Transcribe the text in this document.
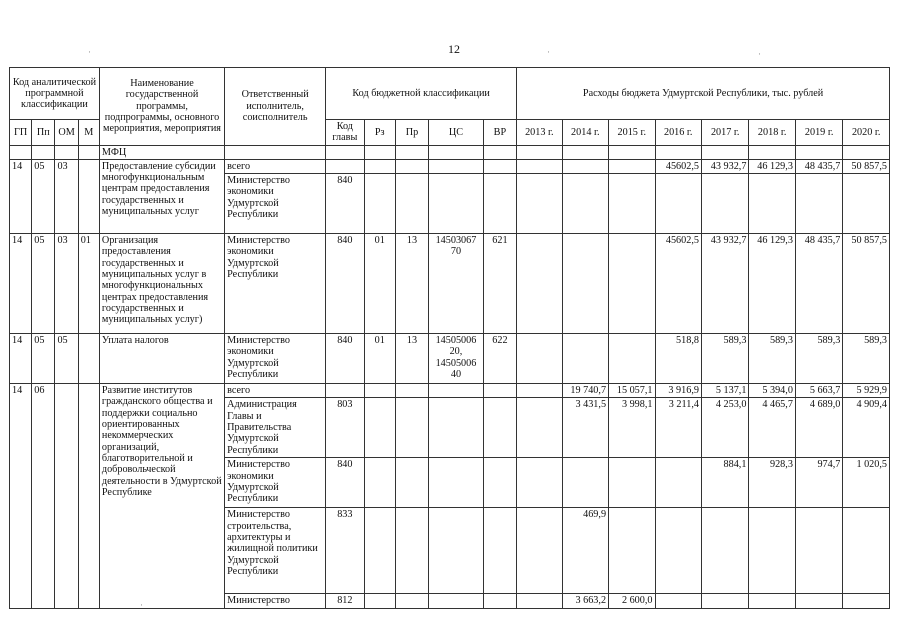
12
·	·	·
·
Код аналитической программной классификации				Наименование государственной программы, подпрограммы, основного мероприятия, мероприятия	Ответственный исполнитель, соисполнитель	Код бюджетной классификации					Расходы бюджета Удмуртской Республики, тыс. рублей							
ГП	Пп	ОМ	М			Код главы	Рз	Пр	ЦС	ВР	2013 г.	2014 г.	2015 г.	2016 г.	2017 г.	2018 г.	2019 г.	2020 г.
				МФЦ														
14	05	03		Предоставление субсидии многофункциональным центрам предоставления государственных и муниципальных услуг	всего									45602,5	43 932,7	46 129,3	48 435,7	50 857,5
					Министерство экономики Удмуртской Республики	840												
14	05	03	01	Организация предоставления государственных и муниципальных услуг в многофункциональных центрах предоставления государственных и муниципальных услуг)	Министерство экономики Удмуртской Республики	840	01	13	14503067 70	621				45602,5	43 932,7	46 129,3	48 435,7	50 857,5
14	05	05		Уплата налогов	Министерство экономики Удмуртской Республики	840	01	13	14505006 20, 14505006 40	622				518,8	589,3	589,3	589,3	589,3
14	06			Развитие институтов гражданского общества и поддержки социально ориентированных некоммерческих организаций, благотворительной и добровольческой деятельности в Удмуртской Республике	всего							19 740,7	15 057,1	3 916,9	5 137,1	5 394,0	5 663,7	5 929,9
					Администрация Главы и Правительства Удмуртской Республики	803						3 431,5	3 998,1	3 211,4	4 253,0	4 465,7	4 689,0	4 909,4
					Министерство экономики Удмуртской Республики	840									884,1	928,3	974,7	1 020,5
					Министерство строительства, архитектуры и жилищной политики Удмуртской Республики	833						469,9						
					Министерство	812						3 663,2	2 600,0					
